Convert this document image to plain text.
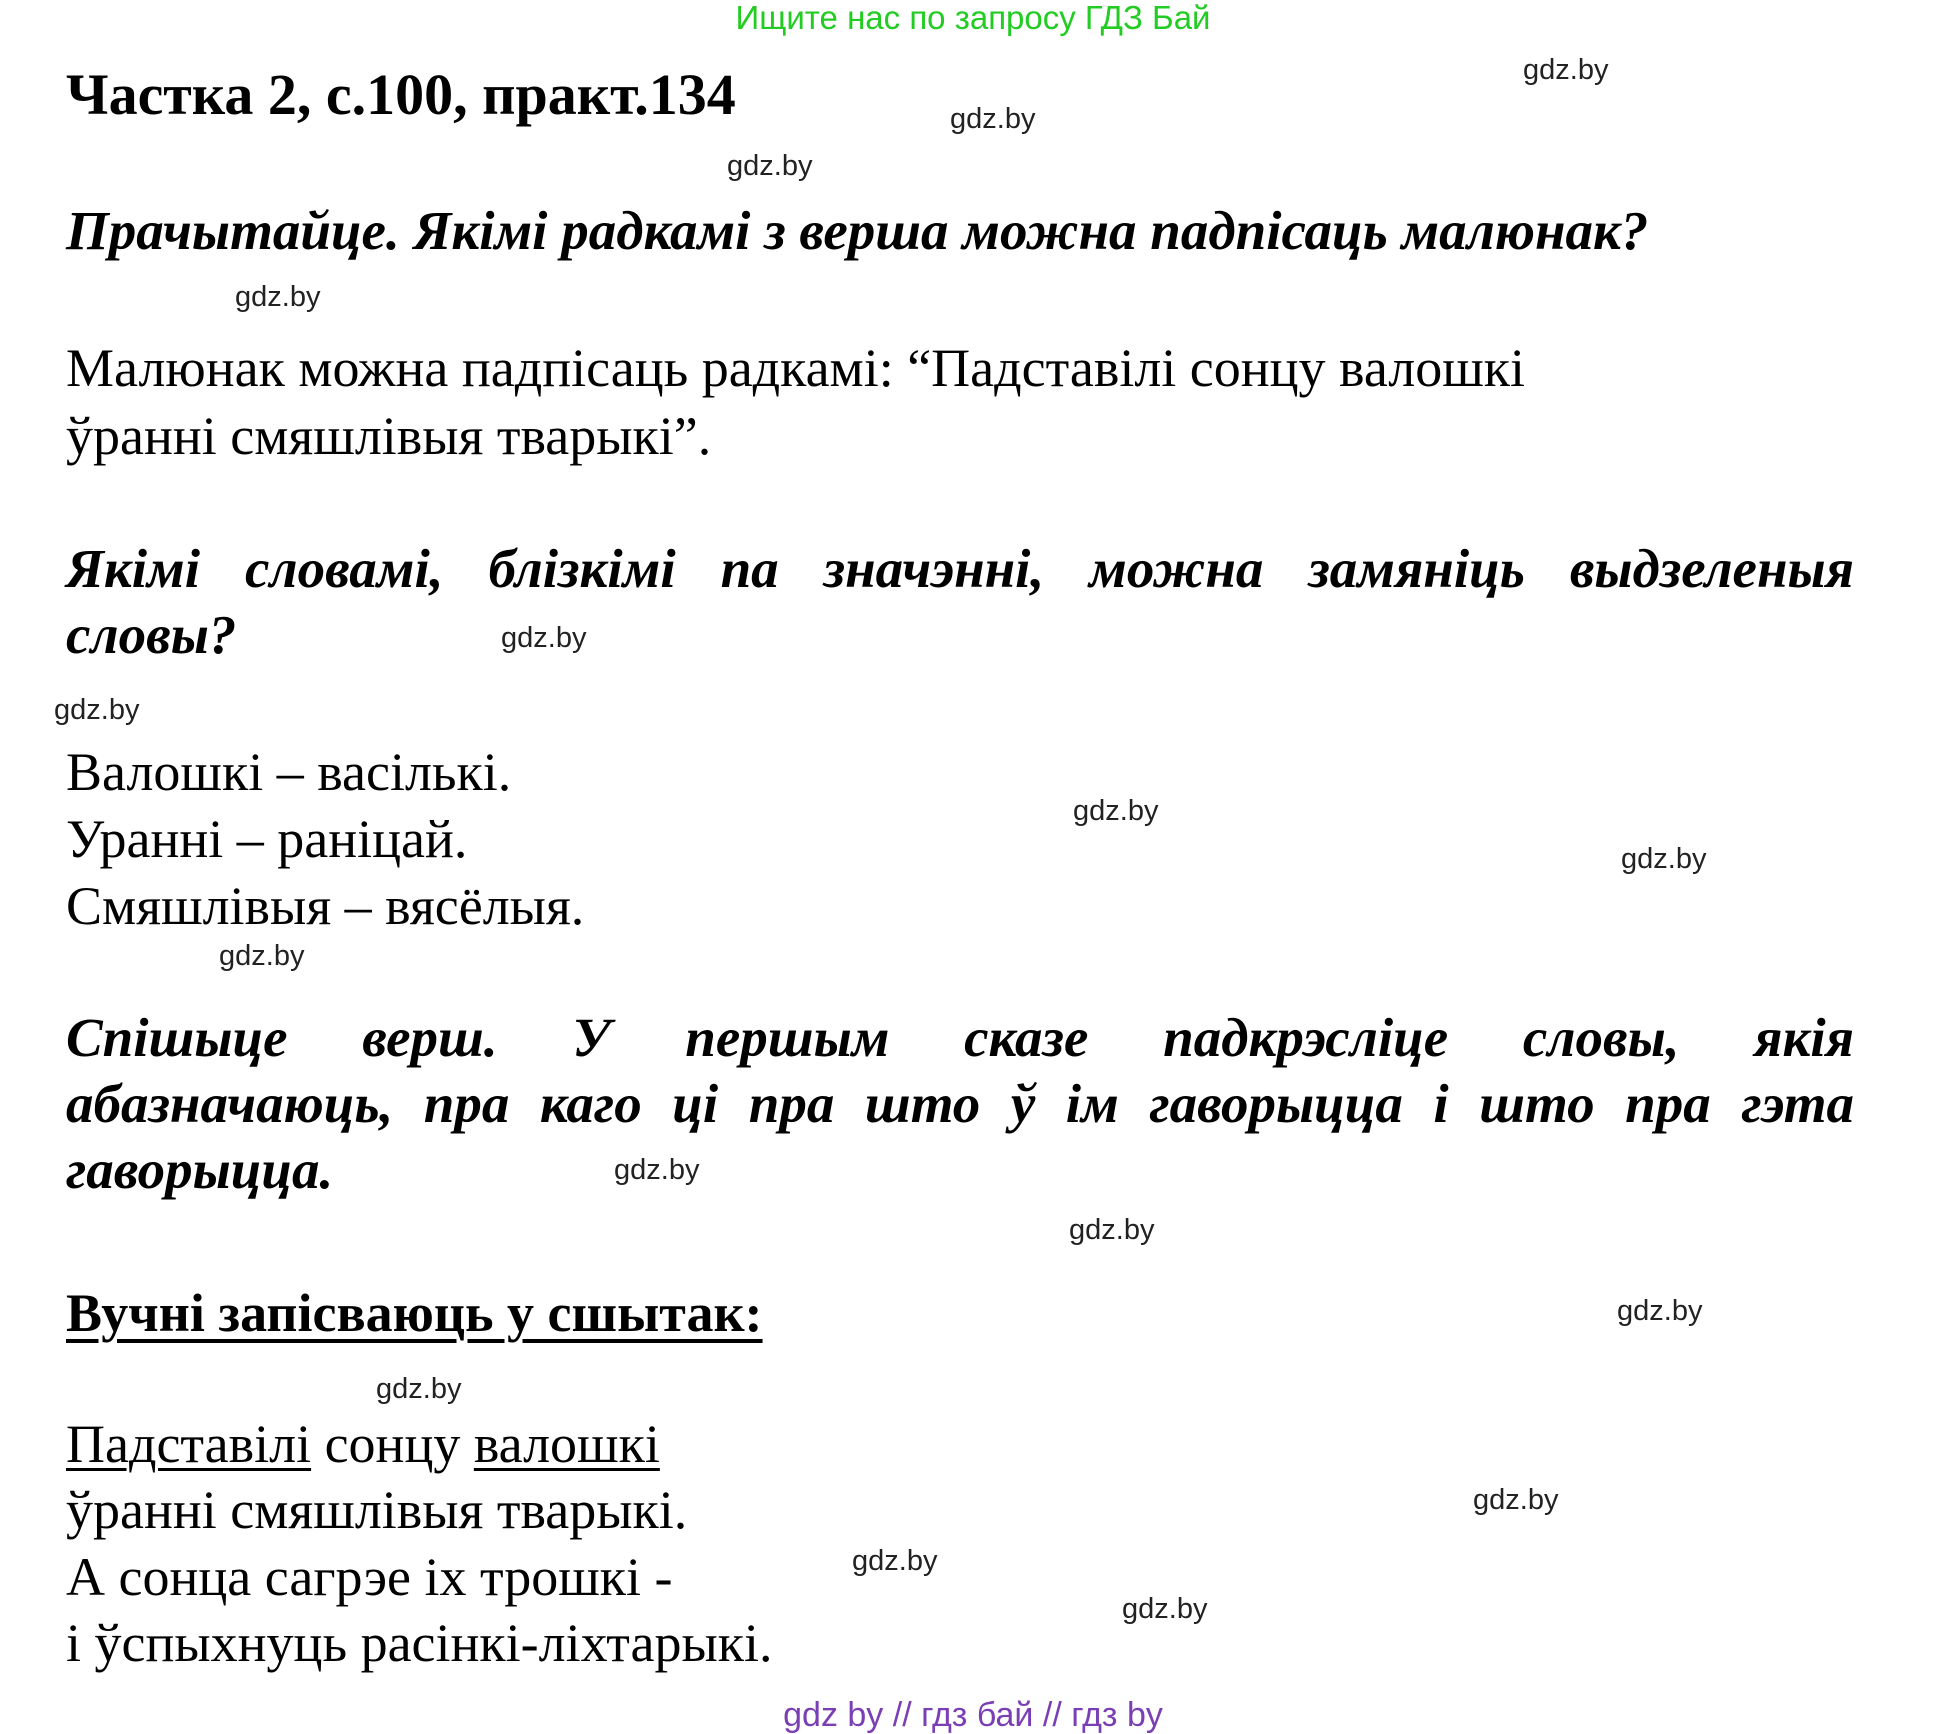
Ищите нас по запросу ГДЗ Бай
Частка 2, с.100, практ.134	gdz.by
gdz.by
gdz.by
gdz.by
gdz.by
gdz.by
gdz.by
gdz.by
gdz.by
gdz.by
gdz.by
gdz.by
gdz.by
gdz.by
gdz.by
gdz.by
Прачытайце. Якімі радкамі з верша можна падпісаць малюнак?
Малюнак можна падпісаць радкамі: “Падставілі сонцу валошкі
ўранні смяшлівыя тварыкі”.
Якімі словамі, блізкімі па значэнні, можна замяніць выдзеленыя
словы?
Валошкі – васількі.
Уранні – раніцай.
Смяшлівыя – вясёлыя.
Спішыце верш. У першым сказе падкрэсліце словы, якія
абазначаюць, пра каго ці пра што ў ім гаворыцца і што пра гэта
гаворыцца.
Вучні запісваюць у сшытак:
Падставілі сонцу валошкі
ўранні смяшлівыя тварыкі.
А сонца сагрэе іх трошкі -
і ўспыхнуць расінкі-ліхтарыкі.
gdz by // гдз бай // гдз by
